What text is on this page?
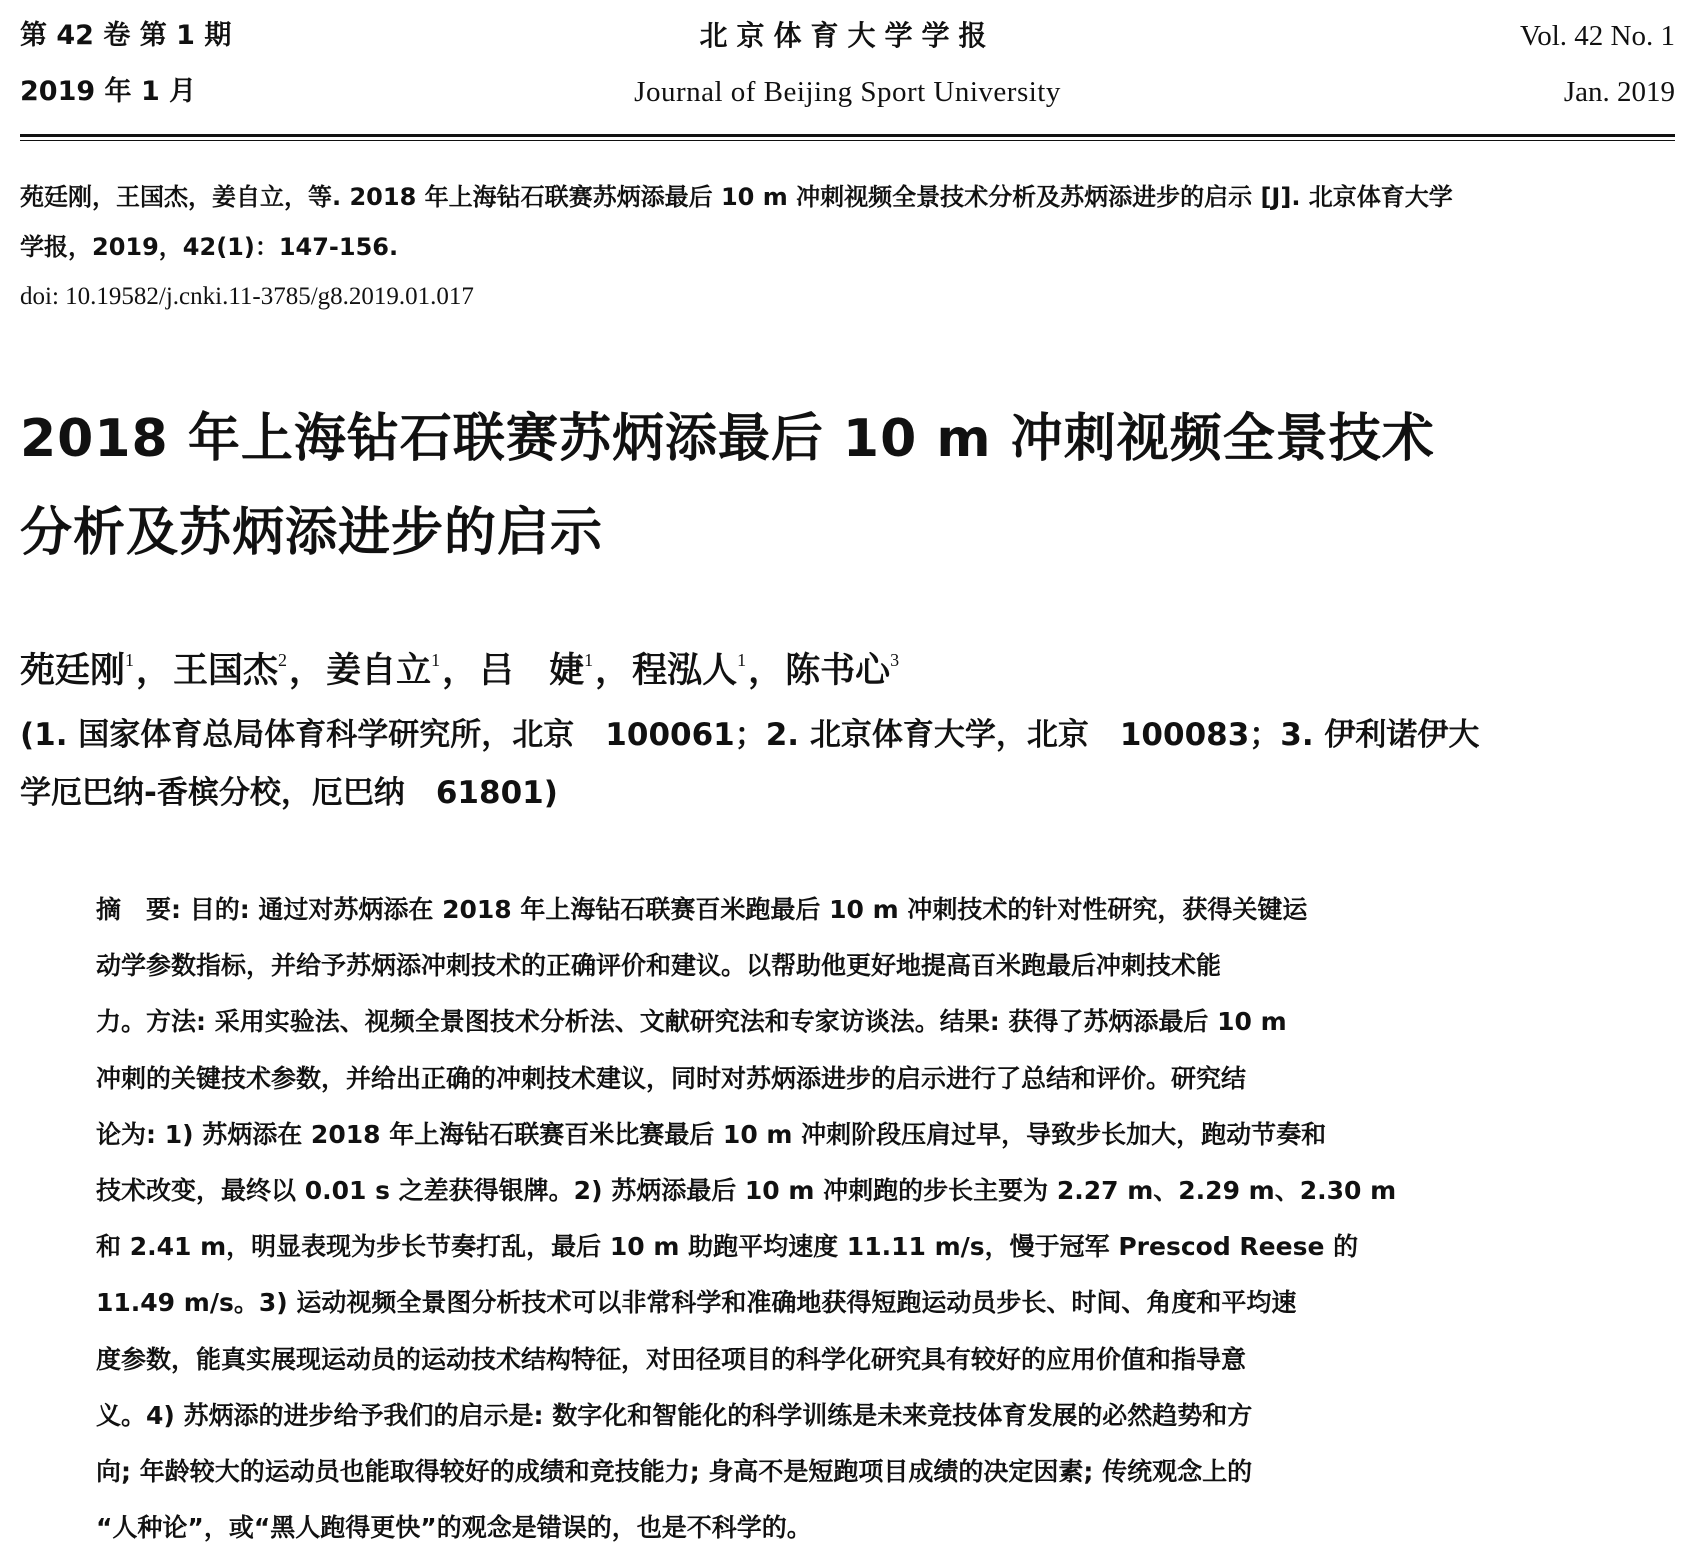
第 42 卷 第 1 期
2019 年 1 月
北京体育大学学报
Journal of Beijing Sport University
Vol. 42 No. 1
Jan. 2019
苑廷刚，王国杰，姜自立，等. 2018 年上海钻石联赛苏炳添最后 10 m 冲刺视频全景技术分析及苏炳添进步的启示 [J]. 北京体育大学
学报，2019，42(1)：147-156.
doi: 10.19582/j.cnki.11-3785/g8.2019.01.017
2018 年上海钻石联赛苏炳添最后 10 m 冲刺视频全景技术
分析及苏炳添进步的启示
苑廷刚$^1$，王国杰$^2$，姜自立$^1$，吕　婕$^1$，程泓人$^1$，陈书心$^3$
(1. 国家体育总局体育科学研究所，北京　100061；2. 北京体育大学，北京　100083；3. 伊利诺伊大
学厄巴纳-香槟分校，厄巴纳　61801)
摘　要: 目的: 通过对苏炳添在 2018 年上海钻石联赛百米跑最后 10 m 冲刺技术的针对性研究，获得关键运
动学参数指标，并给予苏炳添冲刺技术的正确评价和建议。以帮助他更好地提高百米跑最后冲刺技术能
力。方法: 采用实验法、视频全景图技术分析法、文献研究法和专家访谈法。结果: 获得了苏炳添最后 10 m
冲刺的关键技术参数，并给出正确的冲刺技术建议，同时对苏炳添进步的启示进行了总结和评价。研究结
论为: 1) 苏炳添在 2018 年上海钻石联赛百米比赛最后 10 m 冲刺阶段压肩过早，导致步长加大，跑动节奏和
技术改变，最终以 0.01 s 之差获得银牌。2) 苏炳添最后 10 m 冲刺跑的步长主要为 2.27 m、2.29 m、2.30 m
和 2.41 m，明显表现为步长节奏打乱，最后 10 m 助跑平均速度 11.11 m/s，慢于冠军 Prescod Reese 的
11.49 m/s。3) 运动视频全景图分析技术可以非常科学和准确地获得短跑运动员步长、时间、角度和平均速
度参数，能真实展现运动员的运动技术结构特征，对田径项目的科学化研究具有较好的应用价值和指导意
义。4) 苏炳添的进步给予我们的启示是: 数字化和智能化的科学训练是未来竞技体育发展的必然趋势和方
向; 年龄较大的运动员也能取得较好的成绩和竞技能力; 身高不是短跑项目成绩的决定因素; 传统观念上的
“人种论”，或“黑人跑得更快”的观念是错误的，也是不科学的。
